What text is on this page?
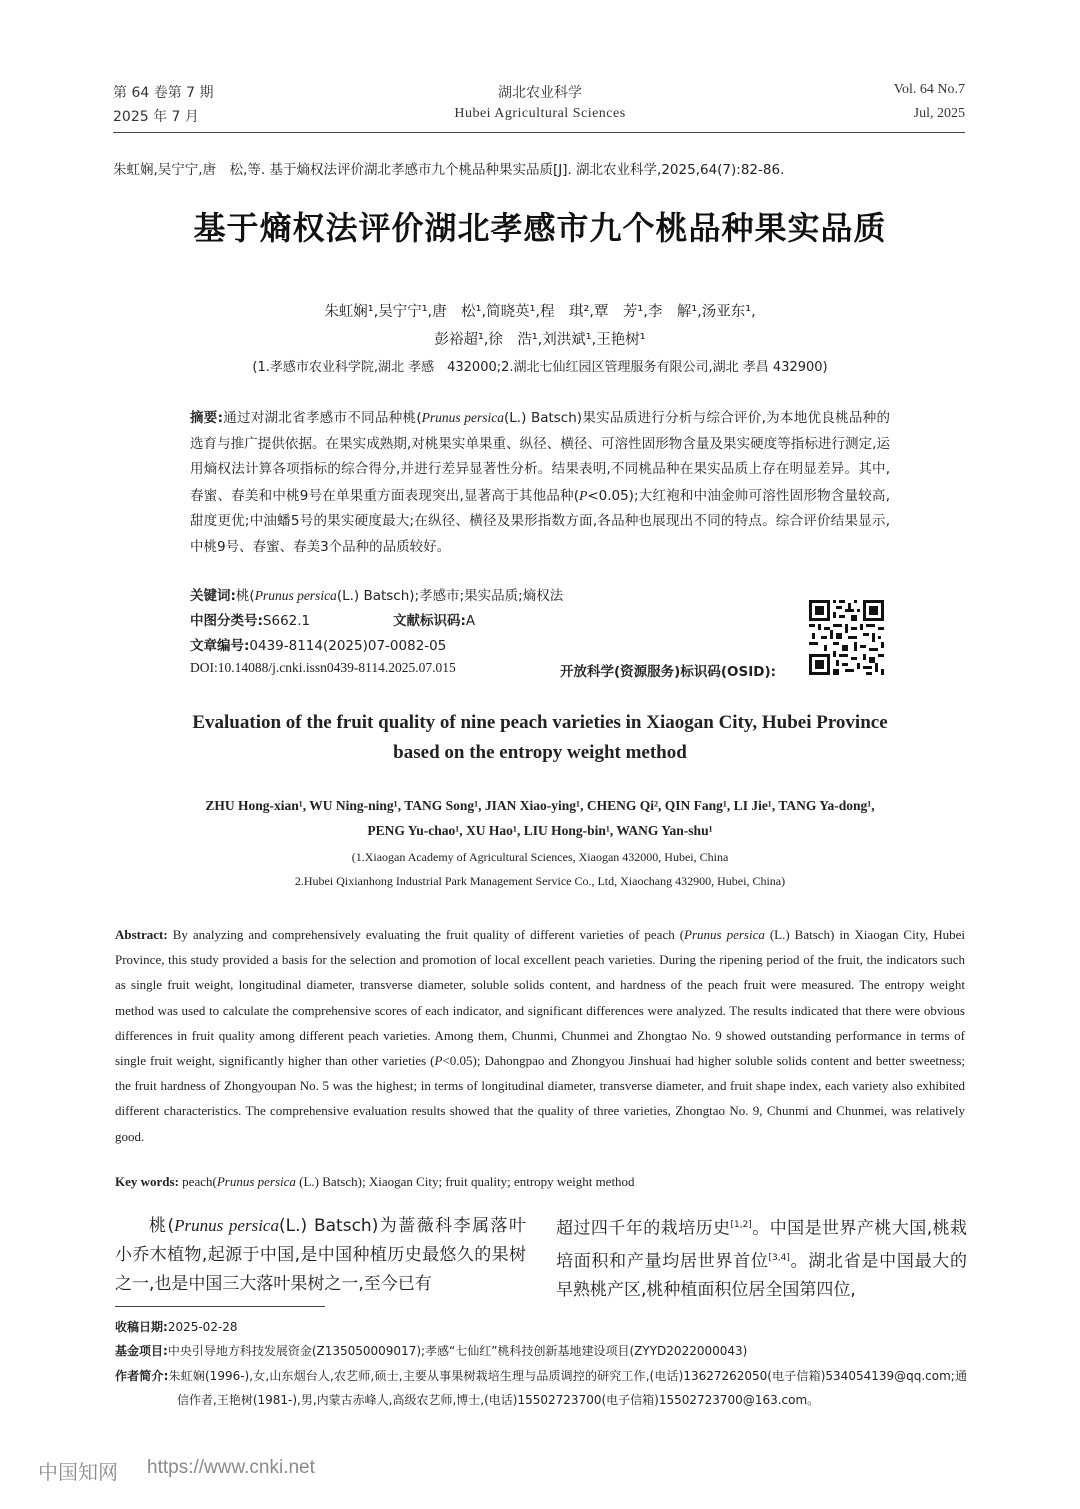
第 64 卷第 7 期
2025 年 7 月
湖北农业科学
Hubei Agricultural Sciences
Vol. 64 No.7
Jul, 2025
朱虹娴,吴宁宁,唐　松,等. 基于熵权法评价湖北孝感市九个桃品种果实品质[J]. 湖北农业科学,2025,64(7):82-86.
基于熵权法评价湖北孝感市九个桃品种果实品质
朱虹娴¹,吴宁宁¹,唐　松¹,简晓英¹,程　琪²,覃　芳¹,李　解¹,汤亚东¹,
彭裕超¹,徐　浩¹,刘洪斌¹,王艳树¹
(1.孝感市农业科学院,湖北 孝感　432000;2.湖北七仙红园区管理服务有限公司,湖北 孝昌 432900)
摘要:通过对湖北省孝感市不同品种桃(Prunus persica(L.) Batsch)果实品质进行分析与综合评价,为本地优良桃品种的选育与推广提供依据。在果实成熟期,对桃果实单果重、纵径、横径、可溶性固形物含量及果实硬度等指标进行测定,运用熵权法计算各项指标的综合得分,并进行差异显著性分析。结果表明,不同桃品种在果实品质上存在明显差异。其中,春蜜、春美和中桃9号在单果重方面表现突出,显著高于其他品种(P<0.05);大红袍和中油金帅可溶性固形物含量较高,甜度更优;中油蟠5号的果实硬度最大;在纵径、横径及果形指数方面,各品种也展现出不同的特点。综合评价结果显示,中桃9号、春蜜、春美3个品种的品质较好。
关键词:桃(Prunus persica(L.) Batsch);孝感市;果实品质;熵权法
中图分类号:S662.1	文献标识码:A
文章编号:0439-8114(2025)07-0082-05
DOI:10.14088/j.cnki.issn0439-8114.2025.07.015	开放科学(资源服务)标识码(OSID):
Evaluation of the fruit quality of nine peach varieties in Xiaogan City, Hubei Province
based on the entropy weight method
ZHU Hong-xian¹, WU Ning-ning¹, TANG Song¹, JIAN Xiao-ying¹, CHENG Qi², QIN Fang¹, LI Jie¹, TANG Ya-dong¹,
PENG Yu-chao¹, XU Hao¹, LIU Hong-bin¹, WANG Yan-shu¹
(1.Xiaogan Academy of Agricultural Sciences, Xiaogan 432000, Hubei, China
2.Hubei Qixianhong Industrial Park Management Service Co., Ltd, Xiaochang 432900, Hubei, China)
Abstract: By analyzing and comprehensively evaluating the fruit quality of different varieties of peach (Prunus persica (L.) Batsch) in Xiaogan City, Hubei Province, this study provided a basis for the selection and promotion of local excellent peach varieties. During the ripening period of the fruit, the indicators such as single fruit weight, longitudinal diameter, transverse diameter, soluble solids content, and hardness of the peach fruit were measured. The entropy weight method was used to calculate the comprehensive scores of each indicator, and significant differences were analyzed. The results indicated that there were obvious differences in fruit quality among different peach varieties. Among them, Chunmi, Chunmei and Zhongtao No. 9 showed outstanding performance in terms of single fruit weight, significantly higher than other varieties (P<0.05); Dahongpao and Zhongyou Jinshuai had higher soluble solids content and better sweetness; the fruit hardness of Zhongyoupan No. 5 was the highest; in terms of longitudinal diameter, transverse diameter, and fruit shape index, each variety also exhibited different characteristics. The comprehensive evaluation results showed that the quality of three varieties, Zhongtao No. 9, Chunmi and Chunmei, was relatively good.
Key words: peach(Prunus persica (L.) Batsch); Xiaogan City; fruit quality; entropy weight method
桃(Prunus persica(L.) Batsch)为蔷薇科李属落叶小乔木植物,起源于中国,是中国种植历史最悠久的果树之一,也是中国三大落叶果树之一,至今已有
超过四千年的栽培历史[1,2]。中国是世界产桃大国,桃栽培面积和产量均居世界首位[3,4]。湖北省是中国最大的早熟桃产区,桃种植面积位居全国第四位,
收稿日期:2025-02-28
基金项目:中央引导地方科技发展资金(Z135050009017);孝感“七仙红”桃科技创新基地建设项目(ZYYD2022000043)
作者简介:朱虹娴(1996-),女,山东烟台人,农艺师,硕士,主要从事果树栽培生理与品质调控的研究工作,(电话)13627262050(电子信箱)534054139@qq.com;通信作者,王艳树(1981-),男,内蒙古赤峰人,高级农艺师,博士,(电话)15502723700(电子信箱)15502723700@163.com。
中国知网 https://www.cnki.net
